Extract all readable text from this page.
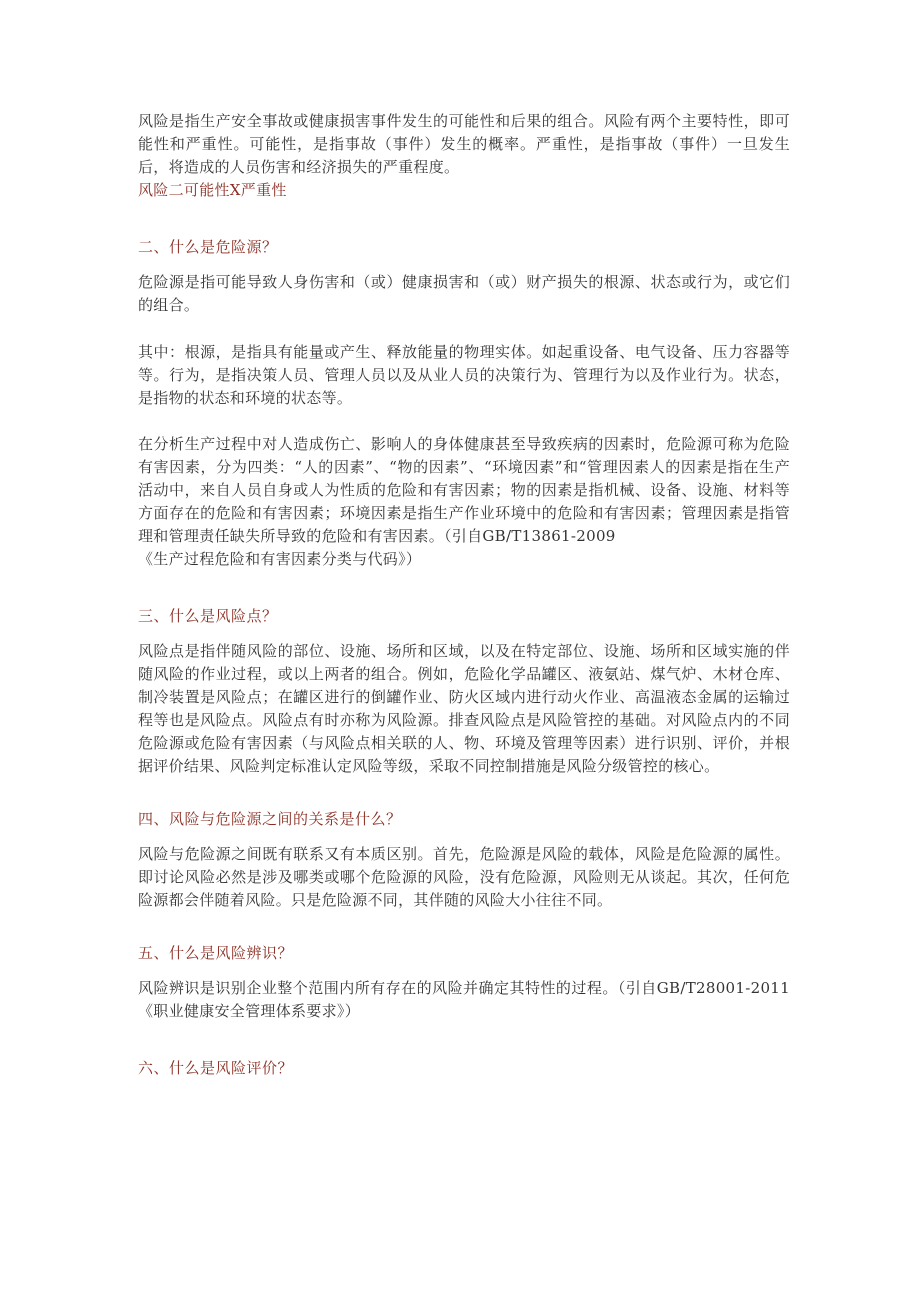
风险是指生产安全事故或健康损害事件发生的可能性和后果的组合。风险有两个主要特性，即可能性和严重性。可能性，是指事故（事件）发生的概率。严重性，是指事故（事件）一旦发生后，将造成的人员伤害和经济损失的严重程度。

风险二可能性X严重性

二、什么是危险源？

危险源是指可能导致人身伤害和（或）健康损害和（或）财产损失的根源、状态或行为，或它们的组合。

其中：根源，是指具有能量或产生、释放能量的物理实体。如起重设备、电气设备、压力容器等等。行为，是指决策人员、管理人员以及从业人员的决策行为、管理行为以及作业行为。状态，是指物的状态和环境的状态等。

在分析生产过程中对人造成伤亡、影响人的身体健康甚至导致疾病的因素时，危险源可称为危险有害因素，分为四类：“人的因素”、“物的因素”、“环境因素”和“管理因素人的因素是指在生产活动中，来自人员自身或人为性质的危险和有害因素；物的因素是指机械、设备、设施、材料等方面存在的危险和有害因素；环境因素是指生产作业环境中的危险和有害因素；管理因素是指管理和管理责任缺失所导致的危险和有害因素。（引自GB/T13861-2009

《生产过程危险和有害因素分类与代码》）

三、什么是风险点？

风险点是指伴随风险的部位、设施、场所和区域，以及在特定部位、设施、场所和区域实施的伴随风险的作业过程，或以上两者的组合。例如，危险化学品罐区、液氨站、煤气炉、木材仓库、制冷装置是风险点；在罐区进行的倒罐作业、防火区域内进行动火作业、高温液态金属的运输过程等也是风险点。风险点有时亦称为风险源。排查风险点是风险管控的基础。对风险点内的不同危险源或危险有害因素（与风险点相关联的人、物、环境及管理等因素）进行识别、评价，并根据评价结果、风险判定标准认定风险等级，采取不同控制措施是风险分级管控的核心。

四、风险与危险源之间的关系是什么？

风险与危险源之间既有联系又有本质区别。首先，危险源是风险的载体，风险是危险源的属性。即讨论风险必然是涉及哪类或哪个危险源的风险，没有危险源，风险则无从谈起。其次，任何危险源都会伴随着风险。只是危险源不同，其伴随的风险大小往往不同。

五、什么是风险辨识？

风险辨识是识别企业整个范围内所有存在的风险并确定其特性的过程。（引自GB/T28001-2011《职业健康安全管理体系要求》）

六、什么是风险评价？
